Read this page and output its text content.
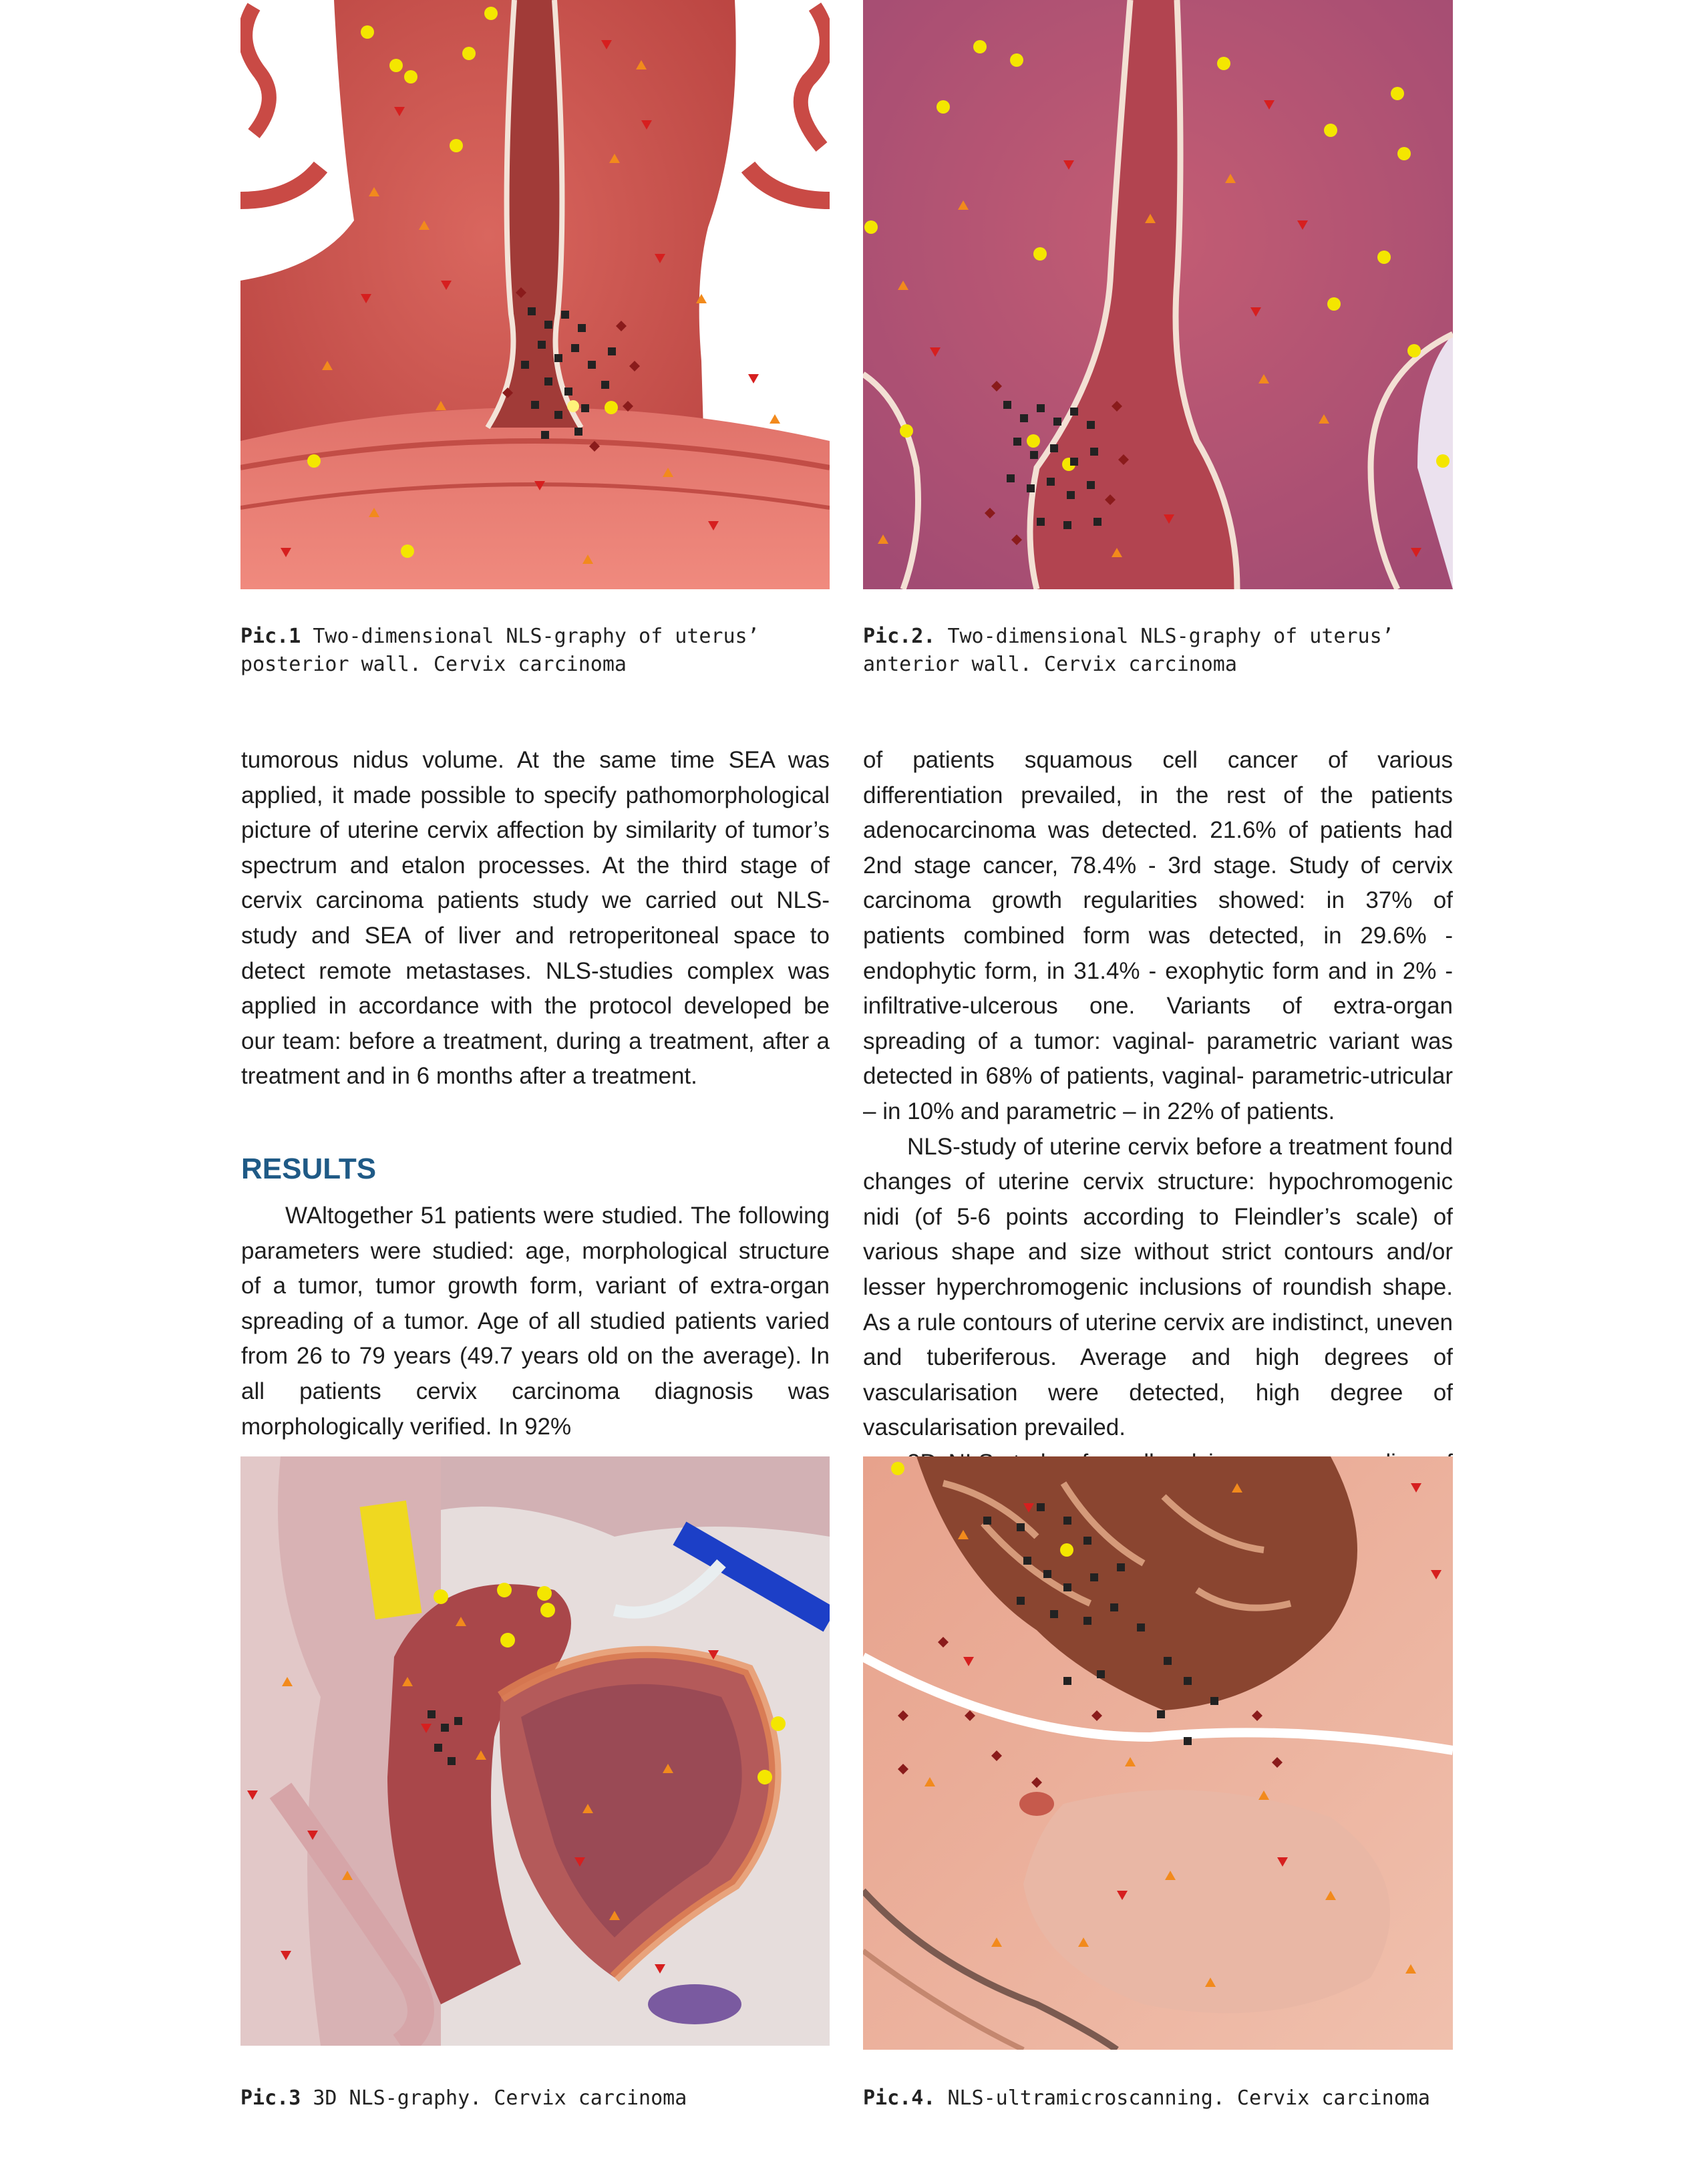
Pic.1 Two-dimensional NLS-graphy of uterus’ posterior wall. Cervix carcinoma
Pic.2. Two-dimensional NLS-graphy of uterus’ anterior wall. Cervix carcinoma

tumorous nidus volume. At the same time SEA was applied, it made possible to specify pathomorphological picture of uterine cervix affection by similarity of tumor’s spectrum and etalon processes. At the third stage of cervix carcinoma patients study we carried out NLS-study and SEA of liver and retroperitoneal space to detect remote metastases. NLS-studies complex was applied in accordance with the protocol developed be our team: before a treatment, during a treatment, after a treatment and in 6 months after a treatment.

RESULTS

WAltogether 51 patients were studied. The following parameters were studied: age, morphological structure of a tumor, tumor growth form, variant of extra-organ spreading of a tumor. Age of all studied patients varied from 26 to 79 years (49.7 years old on the average). In all patients cervix carcinoma diagnosis was morphologically verified. In 92%

of patients squamous cell cancer of various differentiation prevailed, in the rest of the patients adenocarcinoma was detected. 21.6% of patients had 2nd stage cancer, 78.4% - 3rd stage. Study of cervix carcinoma growth regularities showed: in 37% of patients combined form was detected, in 29.6% - endophytic form, in 31.4% - exophytic form and in 2% - infiltrative-ulcerous one. Variants of extra-organ spreading of a tumor: vaginal- parametric variant was detected in 68% of patients, vaginal- parametric-utricular – in 10% and parametric – in 22% of patients.

NLS-study of uterine cervix before a treatment found changes of uterine cervix structure: hypochromogenic nidi (of 5-6 points according to Fleindler’s scale) of various shape and size without strict contours and/or lesser hyperchromogenic inclusions of roundish shape. As a rule contours of uterine cervix are indistinct, uneven and tuberiferous. Average and high degrees of vascularisation were detected, high degree of vascularisation prevailed.

Pic.3 3D NLS-graphy. Cervix carcinoma	Pic.4. NLS-ultramicroscanning. Cervix carcinoma
